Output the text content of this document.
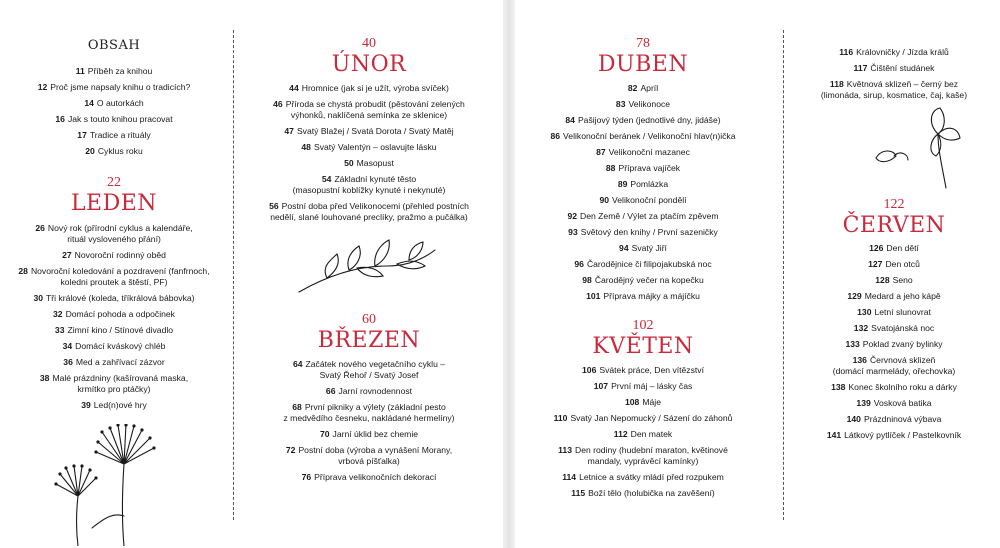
OBSAH
11 Příběh za knihou
12 Proč jsme napsaly knihu o tradicích?
14 O autorkách
16 Jak s touto knihou pracovat
17 Tradice a rituály
20 Cyklus roku
22
LEDEN
26 Nový rok (přírodní cyklus a kalendáře,
rituál vysloveného přání)
27 Novoroční rodinný oběd
28 Novoroční koledování a pozdravení (fanfrnoch,
koledni proutek a štěstí, PF)
30 Tři králové (koleda, tříkrálová bábovka)
32 Domácí pohoda a odpočinek
33 Zimní kino / Stínové divadlo
34 Domácí kváskový chléb
36 Med a zahřívací zázvor
38 Malé prázdniny (kašírovaná maska,
krmítko pro ptáčky)
39 Led(n)ové hry
40
ÚNOR
44 Hromnice (jak si je užít, výroba svíček)
46 Příroda se chystá probudit (pěstování zelených
výhonků, naklíčená semínka ze sklenice)
47 Svatý Blažej / Svatá Dorota / Svatý Matěj
48 Svatý Valentýn – oslavujte lásku
50 Masopust
54 Základní kynuté těsto
(masopustní koblížky kynuté i nekynuté)
56 Postní doba před Velikonocemi (přehled postních
nedělí, slané louhované preclíky, pražmo a pučálka)
60
BŘEZEN
64 Začátek nového vegetačního cyklu –
Svatý Řehoř / Svatý Josef
66 Jarní rovnodennost
68 První pikniky a výlety (základní pesto
z medvědího česneku, nakládané hermelíny)
70 Jarní úklid bez chemie
72 Postní doba (výroba a vynášení Morany,
vrbová píšťalka)
76 Příprava velikonočních dekorací
78
DUBEN
82 Apríl
83 Velikonoce
84 Pašijový týden (jednotlivé dny, jidáše)
86 Velikonoční beránek / Velikonoční hlav(n)ička
87 Velikonoční mazanec
88 Příprava vajíček
89 Pomlázka
90 Velikonoční pondělí
92 Den Země / Výlet za ptačím zpěvem
93 Světový den knihy / První sazeničky
94 Svatý Jiří
96 Čarodějnice či filipojakubská noc
98 Čarodějný večer na kopečku
101 Příprava májky a májíčku
102
KVĚTEN
106 Svátek práce, Den vítězství
107 První máj – lásky čas
108 Máje
110 Svatý Jan Nepomucký / Sázení do záhonů
112 Den matek
113 Den rodiny (hudební maraton, květinové
mandaly, vyprávěcí kamínky)
114 Letnice a svátky mládí před rozpukem
115 Boží tělo (holubička na zavěšení)
116 Královničky / Jízda králů
117 Čištění studánek
118 Květnová sklizeň – černý bez
(limonáda, sirup, kosmatice, čaj, kaše)
122
ČERVEN
126 Den dětí
127 Den otců
128 Seno
129 Medard a jeho kápě
130 Letní slunovrat
132 Svatojánská noc
133 Poklad zvaný bylinky
136 Červnová sklizeň
(domácí marmelády, ořechovka)
138 Konec školního roku a dárky
139 Vosková batika
140 Prázdninová výbava
141 Látkový pytlíček / Pastelkovník
